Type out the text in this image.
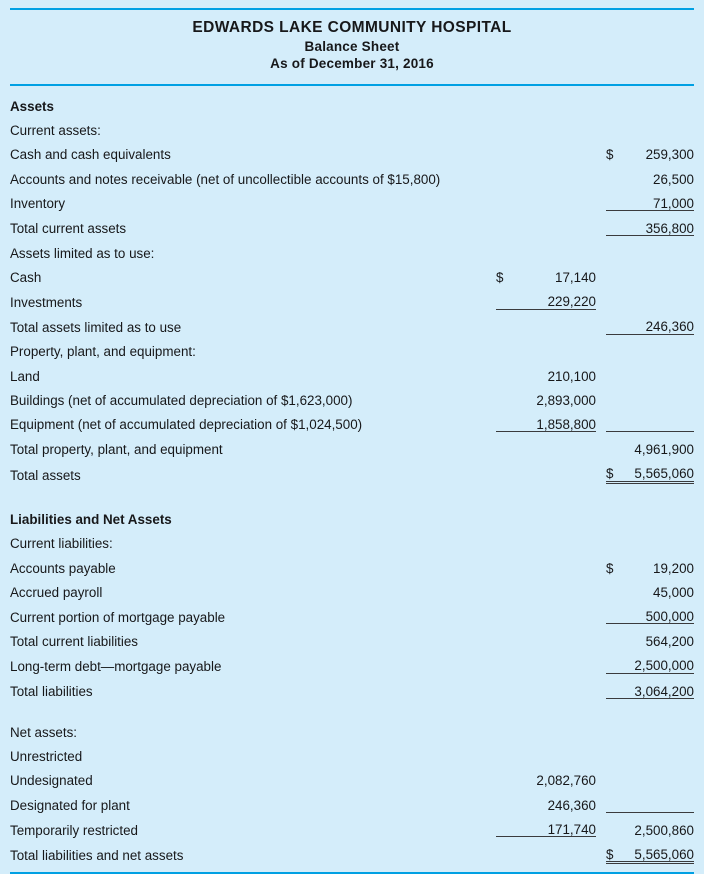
EDWARDS LAKE COMMUNITY HOSPITAL
Balance Sheet
As of December 31, 2016
Assets					
Current assets:					
Cash and cash equivalents				$	259,300
Accounts and notes receivable (net of uncollectible accounts of $15,800)					26,500
Inventory					71,000
Total current assets					356,800
Assets limited as to use:					
Cash	$	17,140			
Investments		229,220			
Total assets limited as to use					246,360
Property, plant, and equipment:					
Land		210,100			
Buildings (net of accumulated depreciation of $1,623,000)		2,893,000			
Equipment (net of accumulated depreciation of $1,024,500)		1,858,800			
Total property, plant, and equipment					4,961,900
Total assets				$	5,565,060

Liabilities and Net Assets					
Current liabilities:					
Accounts payable				$	19,200
Accrued payroll					45,000
Current portion of mortgage payable					500,000
Total current liabilities					564,200
Long-term debt—mortgage payable					2,500,000
Total liabilities					3,064,200

Net assets:					
Unrestricted					
Undesignated		2,082,760			
Designated for plant		246,360			
Temporarily restricted		171,740			2,500,860
Total liabilities and net assets				$	5,565,060
